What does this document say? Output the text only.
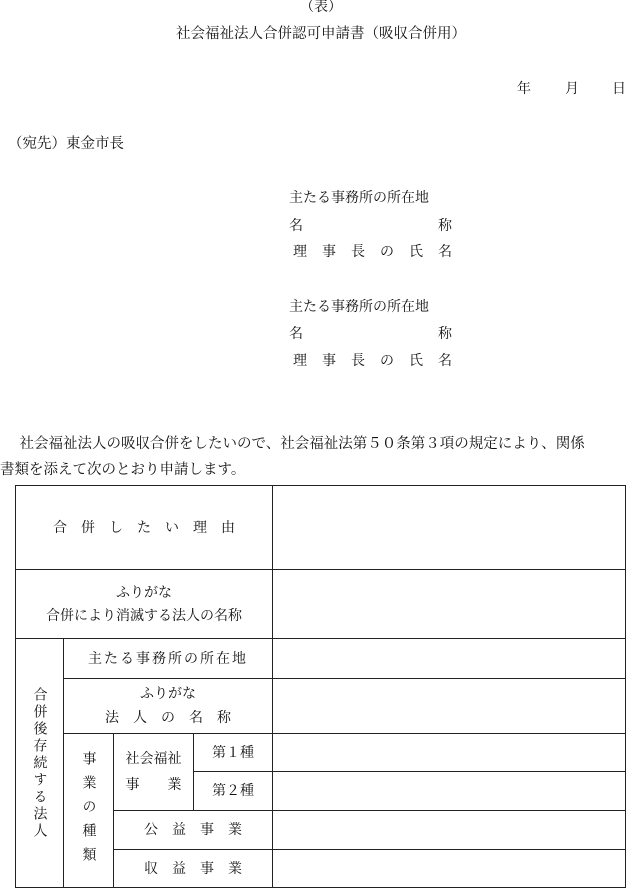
（表）
社会福祉法人合併認可申請書（吸収合併用）
年 月 日
（宛先）東金市長
主たる事務所の所在地
名	称
理 事 長 の 氏 名
主たる事務所の所在地
名	称
理 事 長 の 氏 名
　社会福祉法人の吸収合併をしたいので、社会福祉法第５０条第３項の規定により、関係
書類を添えて次のとおり申請します。
合　併　し　た　い　理　由
ふりがな
合併により消滅する法人の名称
合併後存続する法人
主たる事務所の所在地
ふりがな
法　人　の　名　称
事業の種類 社会福祉
事　　業
第１種
第２種
公　益　事　業
収　益　事　業
